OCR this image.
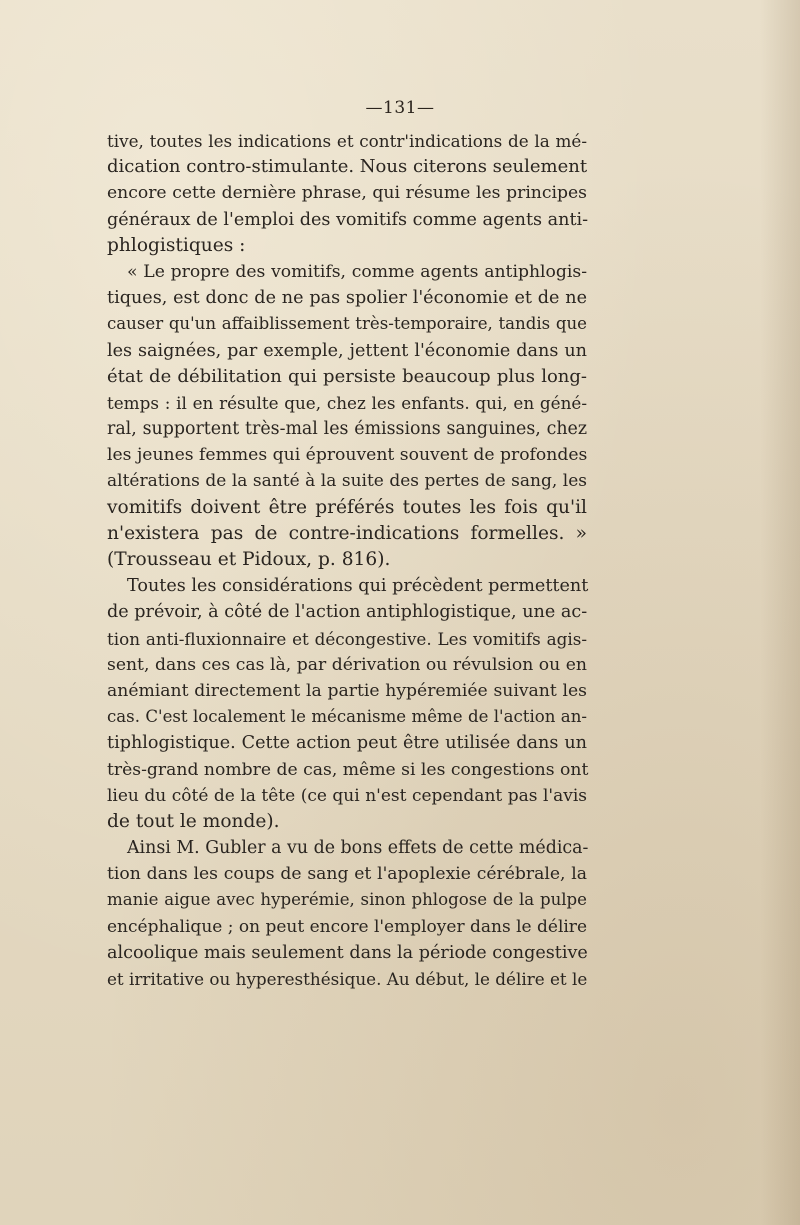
—131—
tive, toutes les indications et contr'indications de la mé-
dication contro-stimulante. Nous citerons seulement
encore cette dernière phrase, qui résume les principes
généraux de l'emploi des vomitifs comme agents anti-
phlogistiques :
« Le propre des vomitifs, comme agents antiphlogis-
tiques, est donc de ne pas spolier l'économie et de ne
causer qu'un affaiblissement très-temporaire, tandis que
les saignées, par exemple, jettent l'économie dans un
état de débilitation qui persiste beaucoup plus long-
temps : il en résulte que, chez les enfants. qui, en géné-
ral, supportent très-mal les émissions sanguines, chez
les jeunes femmes qui éprouvent souvent de profondes
altérations de la santé à la suite des pertes de sang, les
vomitifs doivent être préférés toutes les fois qu'il
n'existera pas de contre-indications formelles. »
(Trousseau et Pidoux, p. 816).
Toutes les considérations qui précèdent permettent
de prévoir, à côté de l'action antiphlogistique, une ac-
tion anti-fluxionnaire et décongestive. Les vomitifs agis-
sent, dans ces cas là, par dérivation ou révulsion ou en
anémiant directement la partie hypéremiée suivant les
cas. C'est localement le mécanisme même de l'action an-
tiphlogistique. Cette action peut être utilisée dans un
très-grand nombre de cas, même si les congestions ont
lieu du côté de la tête (ce qui n'est cependant pas l'avis
de tout le monde).
Ainsi M. Gubler a vu de bons effets de cette médica-
tion dans les coups de sang et l'apoplexie cérébrale, la
manie aigue avec hyperémie, sinon phlogose de la pulpe
encéphalique ; on peut encore l'employer dans le délire
alcoolique mais seulement dans la période congestive
et irritative ou hyperesthésique. Au début, le délire et le
